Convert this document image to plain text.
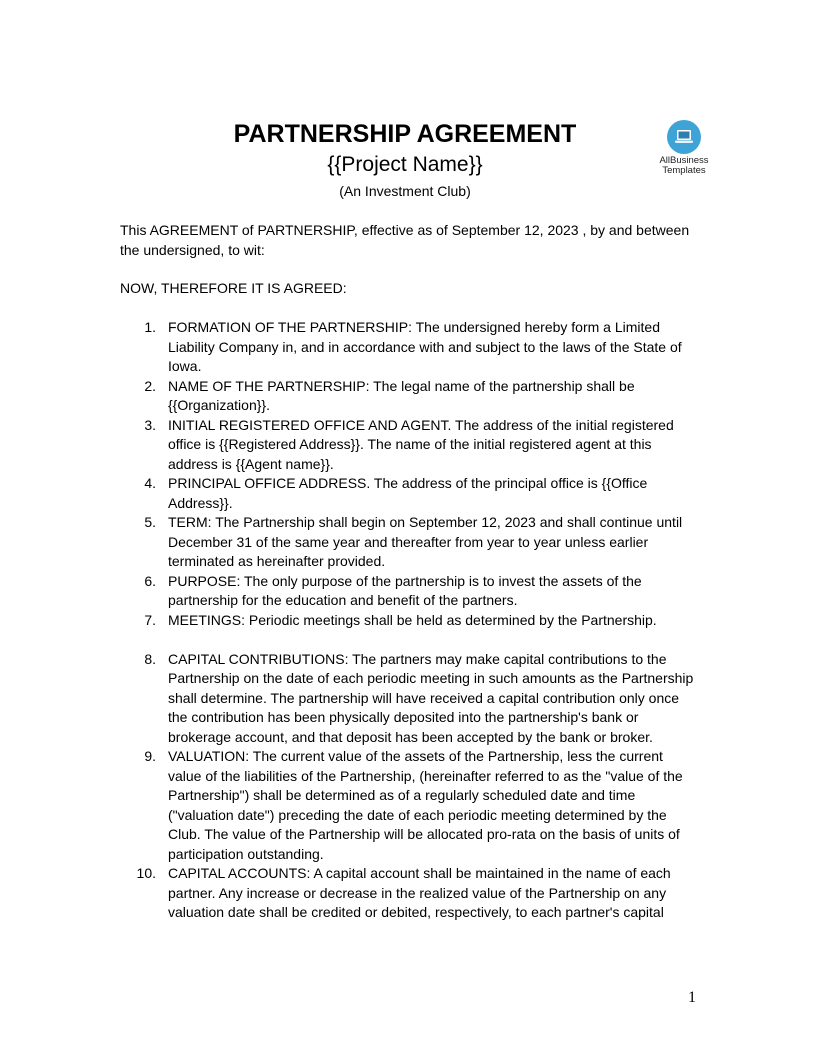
PARTNERSHIP AGREEMENT
{{Project Name}}
(An Investment Club)
AllBusiness
Templates
This AGREEMENT of PARTNERSHIP, effective as of September 12, 2023 , by and between the undersigned, to wit:
NOW, THEREFORE IT IS AGREED:
1. FORMATION OF THE PARTNERSHIP: The undersigned hereby form a Limited Liability Company in, and in accordance with and subject to the laws of the State of Iowa.
2. NAME OF THE PARTNERSHIP: The legal name of the partnership shall be {{Organization}}.
3. INITIAL REGISTERED OFFICE AND AGENT. The address of the initial registered office is {{Registered Address}}. The name of the initial registered agent at this address is {{Agent name}}.
4. PRINCIPAL OFFICE ADDRESS. The address of the principal office is {{Office Address}}.
5. TERM: The Partnership shall begin on September 12, 2023 and shall continue until December 31 of the same year and thereafter from year to year unless earlier terminated as hereinafter provided.
6. PURPOSE: The only purpose of the partnership is to invest the assets of the partnership for the education and benefit of the partners.
7. MEETINGS: Periodic meetings shall be held as determined by the Partnership.
8. CAPITAL CONTRIBUTIONS: The partners may make capital contributions to the Partnership on the date of each periodic meeting in such amounts as the Partnership shall determine. The partnership will have received a capital contribution only once the contribution has been physically deposited into the partnership's bank or brokerage account, and that deposit has been accepted by the bank or broker.
9. VALUATION: The current value of the assets of the Partnership, less the current value of the liabilities of the Partnership, (hereinafter referred to as the "value of the Partnership") shall be determined as of a regularly scheduled date and time ("valuation date") preceding the date of each periodic meeting determined by the Club. The value of the Partnership will be allocated pro-rata on the basis of units of participation outstanding.
10. CAPITAL ACCOUNTS: A capital account shall be maintained in the name of each partner. Any increase or decrease in the realized value of the Partnership on any valuation date shall be credited or debited, respectively, to each partner's capital
1
